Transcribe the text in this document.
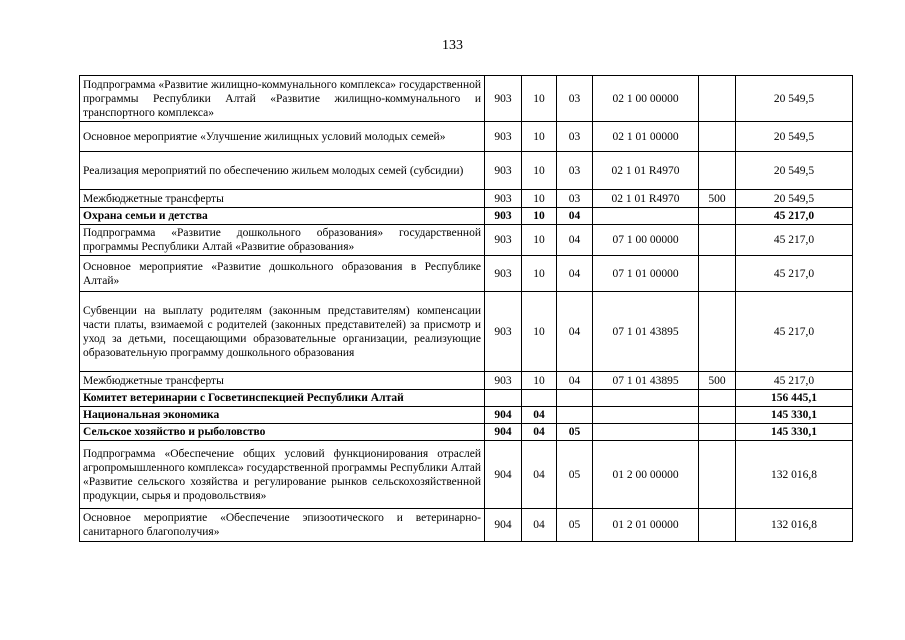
133
Подпрограмма «Развитие жилищно-коммунального комплекса» государственной программы Республики Алтай «Развитие жилищно-коммунального и транспортного комплекса»	903	10	03	02 1 00 00000		20 549,5
Основное мероприятие «Улучшение жилищных условий молодых семей»	903	10	03	02 1 01 00000		20 549,5
Реализация мероприятий по обеспечению жильем молодых семей (субсидии)	903	10	03	02 1 01 R4970		20 549,5
Межбюджетные трансферты	903	10	03	02 1 01 R4970	500	20 549,5
Охрана семьи и детства	903	10	04			45 217,0
Подпрограмма «Развитие дошкольного образования» государственной программы Республики Алтай «Развитие образования»	903	10	04	07 1 00 00000		45 217,0
Основное мероприятие «Развитие дошкольного образования в Республике Алтай»	903	10	04	07 1 01 00000		45 217,0
Субвенции на выплату родителям (законным представителям) компенсации части платы, взимаемой с родителей (законных представителей) за присмотр и уход за детьми, посещающими образовательные организации, реализующие образовательную программу дошкольного образования	903	10	04	07 1 01 43895		45 217,0
Межбюджетные трансферты	903	10	04	07 1 01 43895	500	45 217,0
Комитет ветеринарии с Госветинспекцией Республики Алтай						156 445,1
Национальная экономика	904	04				145 330,1
Сельское хозяйство и рыболовство	904	04	05			145 330,1
Подпрограмма «Обеспечение общих условий функционирования отраслей агропромышленного комплекса» государственной программы Республики Алтай «Развитие сельского хозяйства и регулирование рынков сельскохозяйственной продукции, сырья и продовольствия»	904	04	05	01 2 00 00000		132 016,8
Основное мероприятие «Обеспечение эпизоотического и ветеринарно-санитарного благополучия»	904	04	05	01 2 01 00000		132 016,8
